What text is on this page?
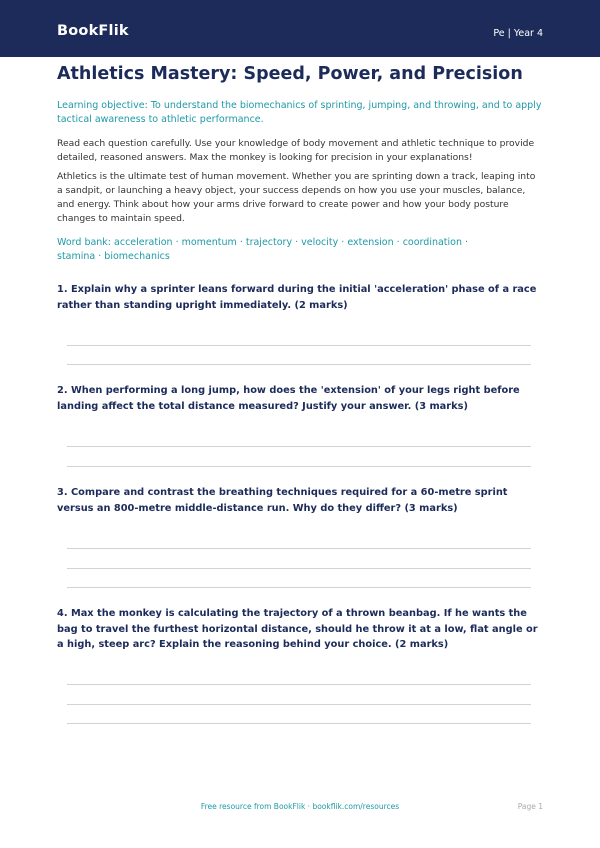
BookFlik	Pe | Year 4
Athletics Mastery: Speed, Power, and Precision
Learning objective: To understand the biomechanics of sprinting, jumping, and throwing, and to apply tactical awareness to athletic performance.
Read each question carefully. Use your knowledge of body movement and athletic technique to provide detailed, reasoned answers. Max the monkey is looking for precision in your explanations!
Athletics is the ultimate test of human movement. Whether you are sprinting down a track, leaping into a sandpit, or launching a heavy object, your success depends on how you use your muscles, balance, and energy. Think about how your arms drive forward to create power and how your body posture changes to maintain speed.
Word bank: acceleration · momentum · trajectory · velocity · extension · coordination · stamina · biomechanics
1. Explain why a sprinter leans forward during the initial 'acceleration' phase of a race rather than standing upright immediately. (2 marks)
2. When performing a long jump, how does the 'extension' of your legs right before landing affect the total distance measured? Justify your answer. (3 marks)
3. Compare and contrast the breathing techniques required for a 60-metre sprint versus an 800-metre middle-distance run. Why do they differ? (3 marks)
4. Max the monkey is calculating the trajectory of a thrown beanbag. If he wants the bag to travel the furthest horizontal distance, should he throw it at a low, flat angle or a high, steep arc? Explain the reasoning behind your choice. (2 marks)
Free resource from BookFlik · bookflik.com/resources	Page 1
